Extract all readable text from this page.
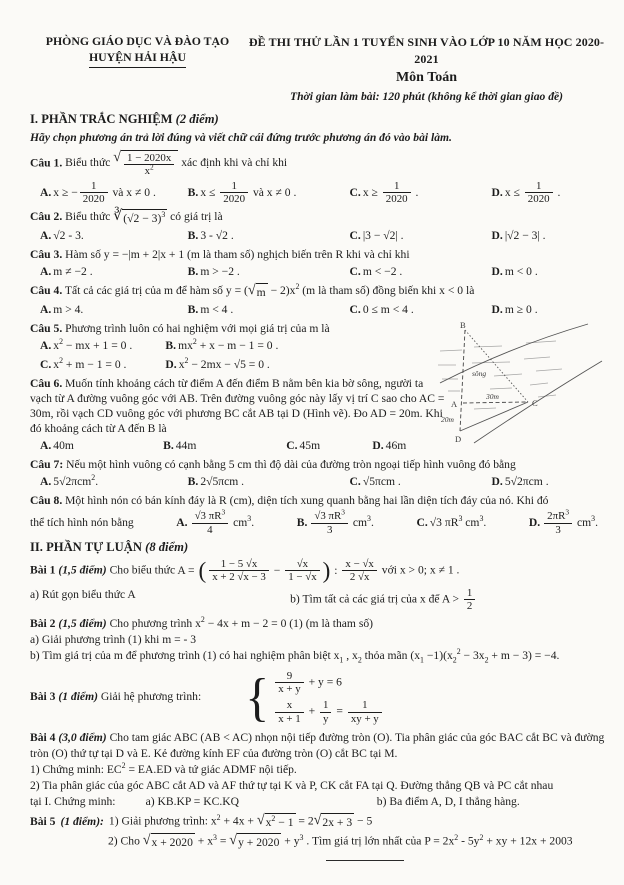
PHÒNG GIÁO DỤC VÀ ĐÀO TẠO
HUYỆN HẢI HẬU
ĐỀ THI THỬ LẦN 1 TUYỂN SINH VÀO LỚP 10 NĂM HỌC 2020-2021
Môn Toán
Thời gian làm bài: 120 phút (không kể thời gian giao đề)
I. PHẦN TRẮC NGHIỆM (2 điểm)

Hãy chọn phương án trả lời đúng và viết chữ cái đứng trước phương án đó vào bài làm.

Câu 1. Biểu thức √ $\frac{1 - 2020x}{x^2}$ xác định khi và chỉ khi

A. x ≥ − $\frac{1}{2020}$ và x ≠ 0 .	B. $x \le \frac{1}{2020}$ và x ≠ 0 .	C. $x \ge \frac{1}{2020}$ .	D. $x \le \frac{1}{2020}$ .

Câu 2. Biểu thức ∛ $(√2 - 3)^3$ có giá trị là

A. √2 - 3.	B. 3 - √2 .	C. |3 − √2| .	D. |√2 − 3| .

Câu 3. Hàm số y = −|m + 2|x + 1 (m là tham số) nghịch biến trên R khi và chỉ khi

A. m ≠ −2 .	B. m > −2 .	C. m < −2 .	D. m < 0 .

Câu 4. Tất cả các giá trị của m để hàm số y = ( √ $m - 2)x^2$ (m là tham số) đồng biến khi x < 0 là

A. m > 4.	B. m < 4 .	C. 0 ≤ m < 4 .	D. m ≥ 0 .
B
A	C
D
sông
30m
20m

Câu 5. Phương trình luôn có hai nghiệm với mọi giá trị của m là

A. $x^2$ − mx + 1 = 0 .	B. $mx^2 + x - m - 1 = 0$ .
C. $x^2 + m - 1 = 0$ .	D. $x^2 - 2mx - √5 = 0$ .

Câu 6. Muốn tính khoảng cách từ điểm A đến điểm B nằm bên kia bờ sông, người ta vạch từ A đường vuông góc với AB. Trên đường vuông góc này lấy vị trí C sao cho AC = 30m, rồi vạch CD vuông góc với phương BC cắt AB tại D (Hình vẽ). Đo AD = 20m. Khi đó khoảng cách từ A đến B là

A. 40m	B. 44m	C. 45m	D. 46m

Câu 7: Nếu một hình vuông có cạnh bằng 5 cm thì độ dài của đường tròn ngoại tiếp hình vuông đó bằng

A. 5√2πcm$^2$.	B. 2√5πcm .	C. √5πcm .	D. 5√2πcm .

Câu 8. Một hình nón có bán kính đáy là R (cm), diện tích xung quanh bằng hai lần diện tích đáy của nó. Khi đó

thể tích hình nón bằng	A. $\frac{√3 \pi R^3}{4} cm^3$.	B. $\frac{√3 \pi R^3}{3} cm^3$.	C. √3 $\pi R^3$ $cm^3$.	D. $\frac{2\pi R^3}{3} cm^3$.
II. PHẦN TỰ LUẬN (8 điểm)

Bài 1 (1,5 điểm) Cho biểu thức A = ( $\frac{1 - 5 √x}{x + 2 √x - 3} - \frac{√x}{1 - √x}$ ) : $\frac{x - √x}{2 √x}$ với x > 0; x ≠ 1 .

a) Rút gọn biểu thức A	b) Tìm tất cả các giá trị của x để $A > \frac{1}{2}$

Bài 2 (1,5 điểm) Cho phương trình $x^2 - 4x + m - 2 = 0$ (1) (m là tham số)

a) Giải phương trình (1) khi m = - 3

b) Tìm giá trị của m để phương trình (1) có hai nghiệm phân biệt $x_1$ , $x_2$ thỏa mãn $(x_1 -1)(x_2^2 - 3x_2 + m - 3) = -4$.

Bài 3 (1 điểm) Giải hệ phương trình: { $\frac{9}{x + y} + y = 6$
$\frac{x}{x + 1} + \frac{1}{y} = \frac{1}{xy + y}$

Bài 4 (3,0 điểm) Cho tam giác ABC (AB < AC) nhọn nội tiếp đường tròn (O). Tia phân giác của góc BAC cắt BC và đường tròn (O) thứ tự tại D và E. Kẻ đường kính EF của đường tròn (O) cắt BC tại M.

1) Chứng minh: $EC^2 = EA.ED$ và tứ giác ADMF nội tiếp.

2) Tia phân giác của góc ABC cắt AD và AF thứ tự tại K và P, CK cắt FA tại Q. Đường thẳng QB và PC cắt nhau

tại I. Chứng minh:	a) KB.KP = KC.KQ	b) Ba điểm A, D, I thẳng hàng.
Bài 5 (1 điểm): 1) Giải phương trình: $x^2 + 4x$ + √ $x^2 - 1 = 2$ √ 2x + 3 − 5
2) Cho √ $x + 2020 + x^3$ = √ $y + 2020 + y^3$ . Tìm giá trị lớn nhất của $P = 2x^2 - 5y^2$ + xy + 12x + 2003
